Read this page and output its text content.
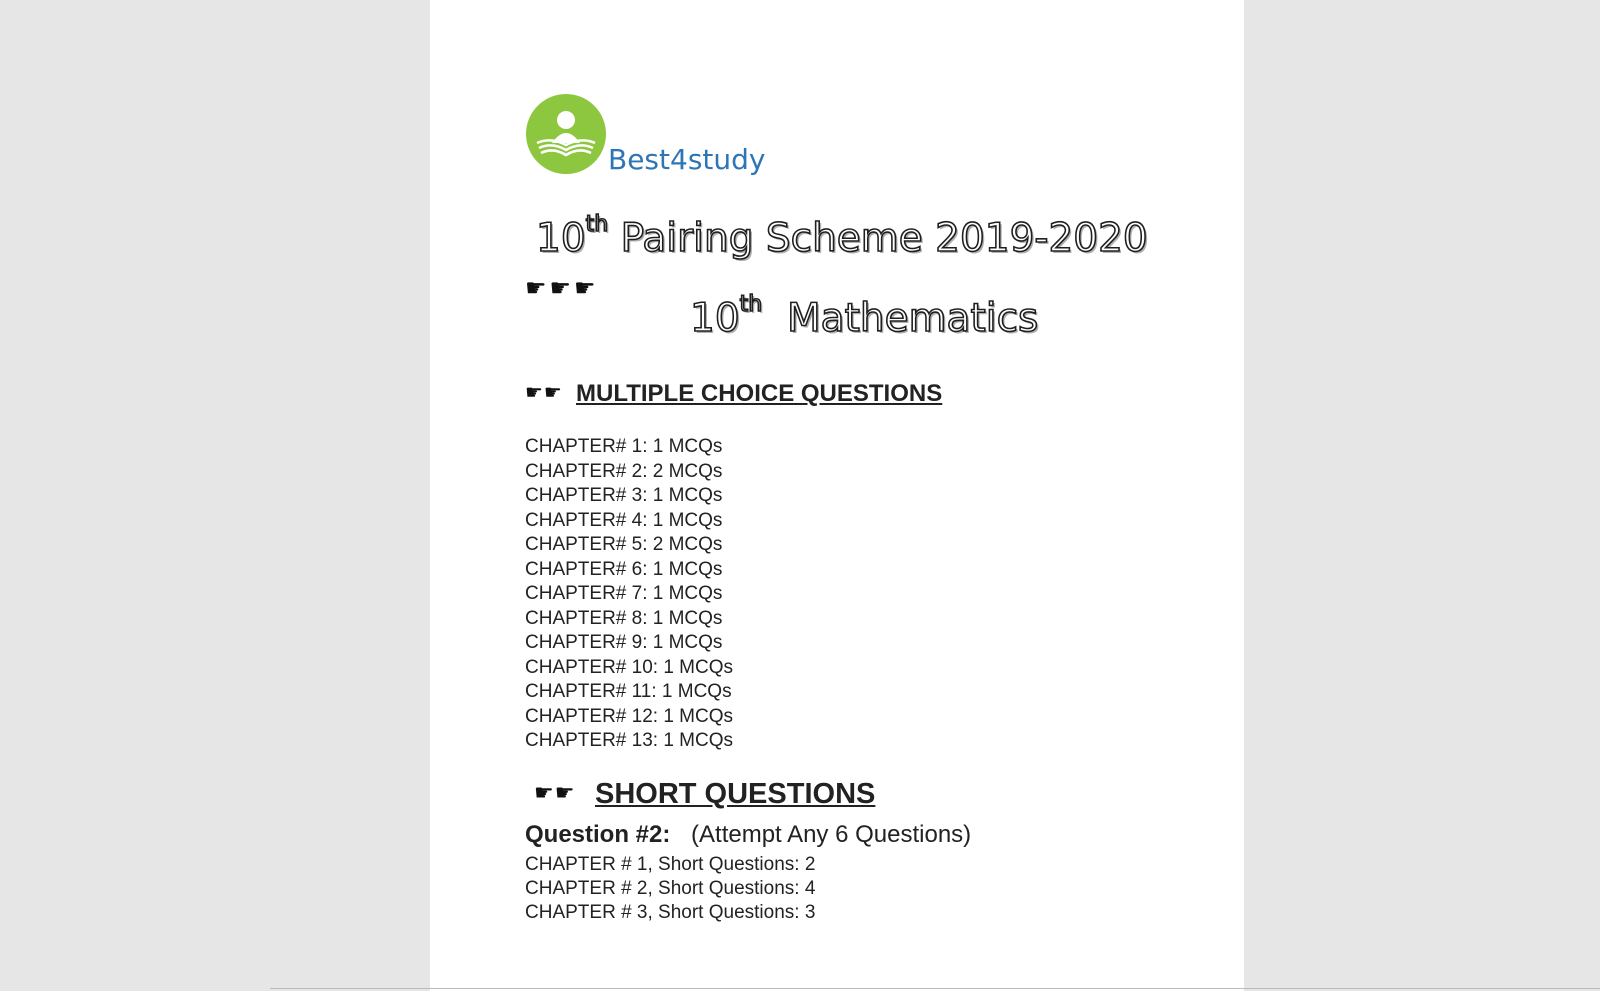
Best4study
10th Pairing Scheme 2019-2020
☛☛☛
10th Mathematics
☛☛ MULTIPLE CHOICE QUESTIONS
CHAPTER# 1: 1 MCQs
CHAPTER# 2: 2 MCQs
CHAPTER# 3: 1 MCQs
CHAPTER# 4: 1 MCQs
CHAPTER# 5: 2 MCQs
CHAPTER# 6: 1 MCQs
CHAPTER# 7: 1 MCQs
CHAPTER# 8: 1 MCQs
CHAPTER# 9: 1 MCQs
CHAPTER# 10: 1 MCQs
CHAPTER# 11: 1 MCQs
CHAPTER# 12: 1 MCQs
CHAPTER# 13: 1 MCQs
☛☛ SHORT QUESTIONS
Question #2: (Attempt Any 6 Questions)
CHAPTER # 1, Short Questions: 2
CHAPTER # 2, Short Questions: 4
CHAPTER # 3, Short Questions: 3
